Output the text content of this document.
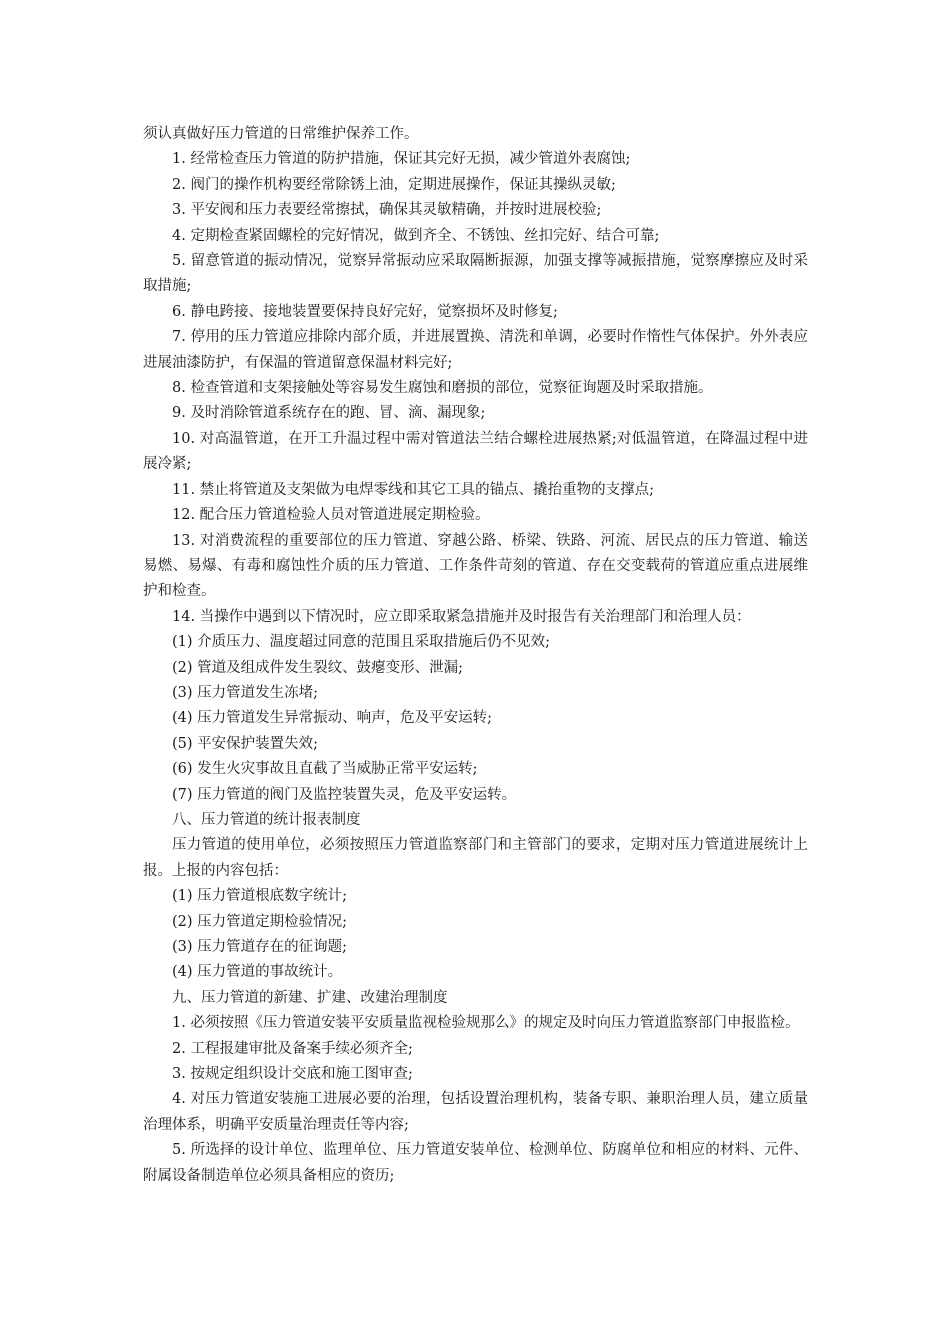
须认真做好压力管道的日常维护保养工作。

1. 经常检查压力管道的防护措施，保证其完好无损，减少管道外表腐蚀;

2. 阀门的操作机构要经常除锈上油，定期进展操作，保证其操纵灵敏;

3. 平安阀和压力表要经常擦拭，确保其灵敏精确，并按时进展校验;

4. 定期检查紧固螺栓的完好情况，做到齐全、不锈蚀、丝扣完好、结合可靠;

5. 留意管道的振动情况，觉察异常振动应采取隔断振源，加强支撑等减振措施，觉察摩擦应及时采取措施;

6. 静电跨接、接地装置要保持良好完好，觉察损坏及时修复;

7. 停用的压力管道应排除内部介质，并进展置换、清洗和单调，必要时作惰性气体保护。外外表应进展油漆防护，有保温的管道留意保温材料完好;

8. 检查管道和支架接触处等容易发生腐蚀和磨损的部位，觉察征询题及时采取措施。

9. 及时消除管道系统存在的跑、冒、滴、漏现象;

10. 对高温管道，在开工升温过程中需对管道法兰结合螺栓进展热紧;对低温管道，在降温过程中进展冷紧;

11. 禁止将管道及支架做为电焊零线和其它工具的锚点、撬抬重物的支撑点;

12. 配合压力管道检验人员对管道进展定期检验。

13. 对消费流程的重要部位的压力管道、穿越公路、桥梁、铁路、河流、居民点的压力管道、输送易燃、易爆、有毒和腐蚀性介质的压力管道、工作条件苛刻的管道、存在交变载荷的管道应重点进展维护和检查。

14. 当操作中遇到以下情况时，应立即采取紧急措施并及时报告有关治理部门和治理人员：

(1) 介质压力、温度超过同意的范围且采取措施后仍不见效;

(2) 管道及组成件发生裂纹、鼓瘪变形、泄漏;

(3) 压力管道发生冻堵;

(4) 压力管道发生异常振动、响声，危及平安运转;

(5) 平安保护装置失效;

(6) 发生火灾事故且直截了当威胁正常平安运转;

(7) 压力管道的阀门及监控装置失灵，危及平安运转。

八、压力管道的统计报表制度

压力管道的使用单位，必须按照压力管道监察部门和主管部门的要求，定期对压力管道进展统计上报。上报的内容包括：

(1) 压力管道根底数字统计;

(2) 压力管道定期检验情况;

(3) 压力管道存在的征询题;

(4) 压力管道的事故统计。

九、压力管道的新建、扩建、改建治理制度

1. 必须按照《压力管道安装平安质量监视检验规那么》的规定及时向压力管道监察部门申报监检。

2. 工程报建审批及备案手续必须齐全;

3. 按规定组织设计交底和施工图审查;

4. 对压力管道安装施工进展必要的治理，包括设置治理机构，装备专职、兼职治理人员，建立质量治理体系，明确平安质量治理责任等内容;

5. 所选择的设计单位、监理单位、压力管道安装单位、检测单位、防腐单位和相应的材料、元件、附属设备制造单位必须具备相应的资历;
